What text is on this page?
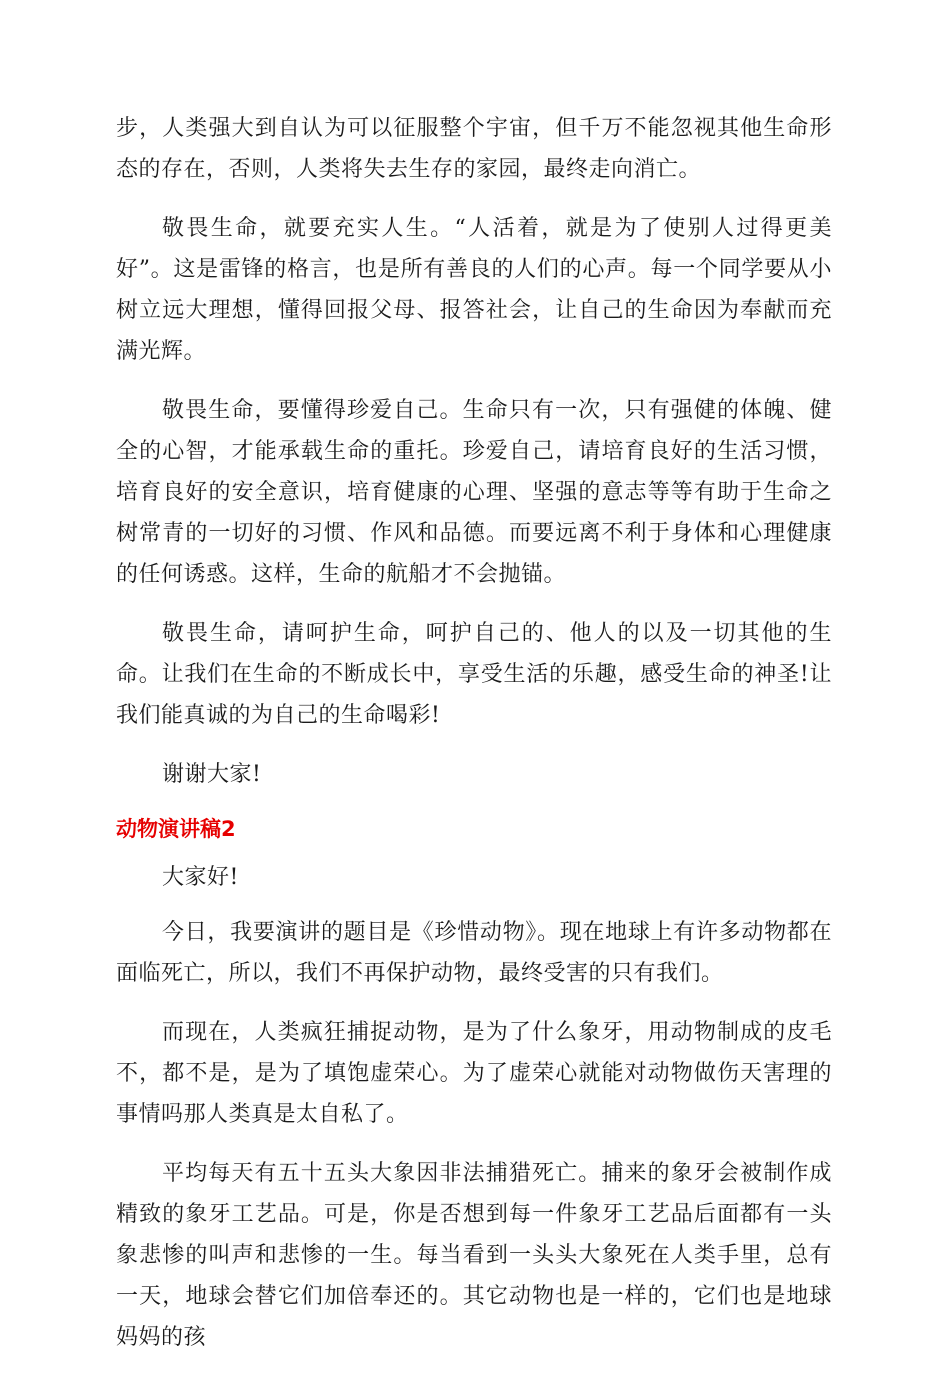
步，人类强大到自认为可以征服整个宇宙，但千万不能忽视其他生命形态的存在，否则，人类将失去生存的家园，最终走向消亡。

敬畏生命，就要充实人生。“人活着，就是为了使别人过得更美好”。这是雷锋的格言，也是所有善良的人们的心声。每一个同学要从小树立远大理想，懂得回报父母、报答社会，让自己的生命因为奉献而充满光辉。

敬畏生命，要懂得珍爱自己。生命只有一次，只有强健的体魄、健全的心智，才能承载生命的重托。珍爱自己，请培育良好的生活习惯，培育良好的安全意识，培育健康的心理、坚强的意志等等有助于生命之树常青的一切好的习惯、作风和品德。而要远离不利于身体和心理健康的任何诱惑。这样，生命的航船才不会抛锚。

敬畏生命，请呵护生命，呵护自己的、他人的以及一切其他的生命。让我们在生命的不断成长中，享受生活的乐趣，感受生命的神圣!让我们能真诚的为自己的生命喝彩!

谢谢大家!

动物演讲稿2

大家好!

今日，我要演讲的题目是《珍惜动物》。现在地球上有许多动物都在面临死亡，所以，我们不再保护动物，最终受害的只有我们。

而现在，人类疯狂捕捉动物，是为了什么象牙，用动物制成的皮毛不，都不是，是为了填饱虚荣心。为了虚荣心就能对动物做伤天害理的事情吗那人类真是太自私了。

平均每天有五十五头大象因非法捕猎死亡。捕来的象牙会被制作成精致的象牙工艺品。可是，你是否想到每一件象牙工艺品后面都有一头象悲惨的叫声和悲惨的一生。每当看到一头头大象死在人类手里，总有一天，地球会替它们加倍奉还的。其它动物也是一样的，它们也是地球妈妈的孩
